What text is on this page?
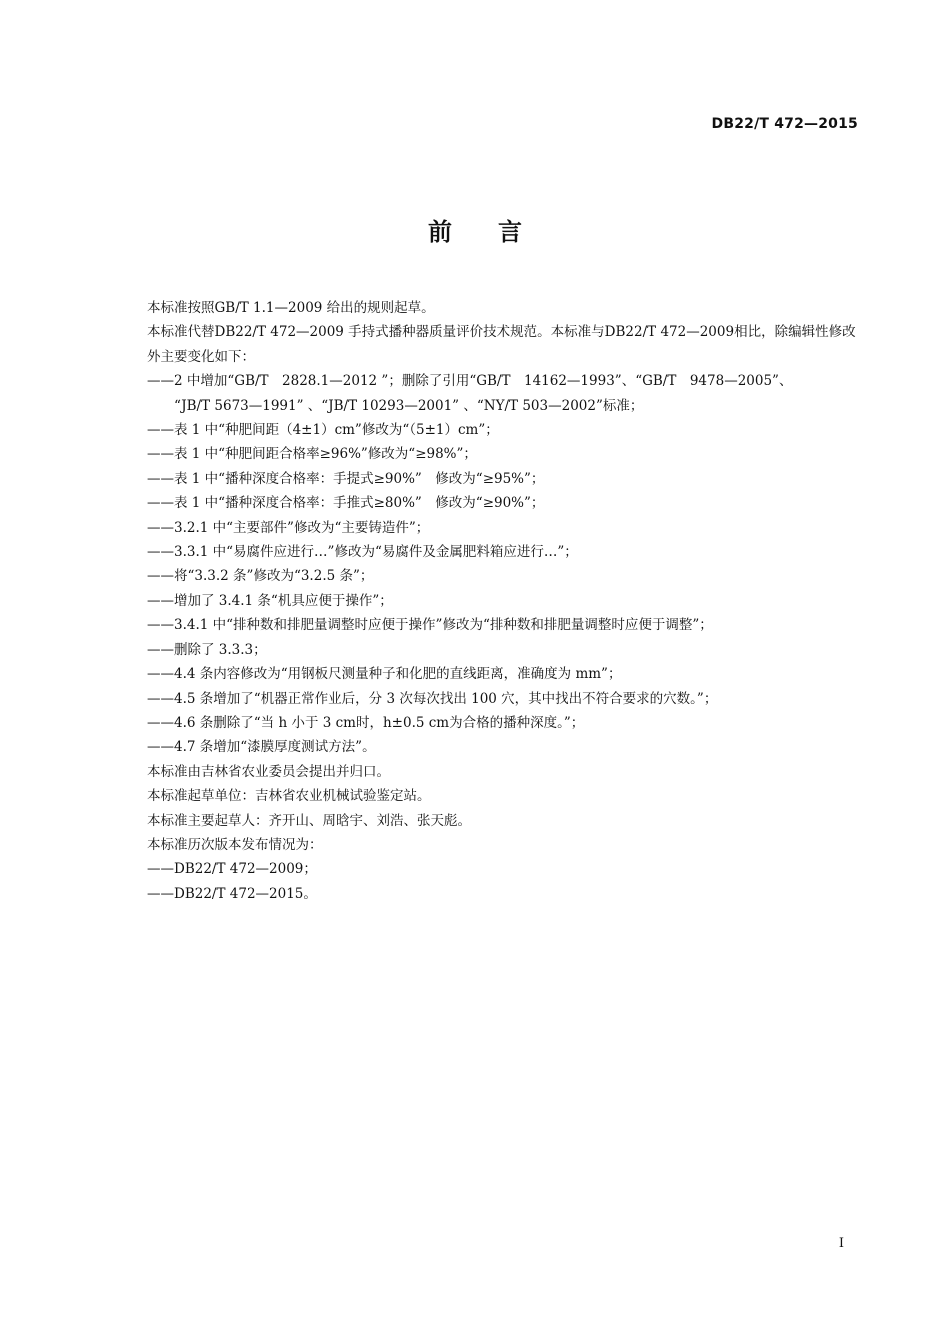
DB22/T 472—2015
前言

本标准按照GB/T 1.1—2009 给出的规则起草。

本标准代替DB22/T 472—2009 手持式播种器质量评价技术规范。本标准与DB22/T 472—2009相比，除编辑性修改外主要变化如下：

——2 中增加“GB/T　2828.1—2012 ”；删除了引用“GB/T　14162—1993”、“GB/T　9478—2005”、

“JB/T 5673—1991” 、“JB/T 10293—2001” 、“NY/T 503—2002”标准；

——表 1 中“种肥间距（4±1）cm”修改为“（5±1）cm”；

——表 1 中“种肥间距合格率≥96%”修改为“≥98%”；

——表 1 中“播种深度合格率：手提式≥90%”　修改为“≥95%”；

——表 1 中“播种深度合格率：手推式≥80%”　修改为“≥90%”；

——3.2.1 中“主要部件”修改为“主要铸造件”；

——3.3.1 中“易腐件应进行…”修改为“易腐件及金属肥料箱应进行…”；

——将“3.3.2 条”修改为“3.2.5 条”；

——增加了 3.4.1 条“机具应便于操作”；

——3.4.1 中“排种数和排肥量调整时应便于操作”修改为“排种数和排肥量调整时应便于调整”；

——删除了 3.3.3；

——4.4 条内容修改为“用钢板尺测量种子和化肥的直线距离，准确度为 mm”；

——4.5 条增加了“机器正常作业后，分 3 次每次找出 100 穴，其中找出不符合要求的穴数。”；

——4.6 条删除了“当 h 小于 3 cm时，h±0.5 cm为合格的播种深度。”；

——4.7 条增加“漆膜厚度测试方法”。

本标准由吉林省农业委员会提出并归口。

本标准起草单位：吉林省农业机械试验鉴定站。

本标准主要起草人：齐开山、周晗宇、刘浩、张天彪。

本标准历次版本发布情况为：

——DB22/T 472—2009；

——DB22/T 472—2015。

I
